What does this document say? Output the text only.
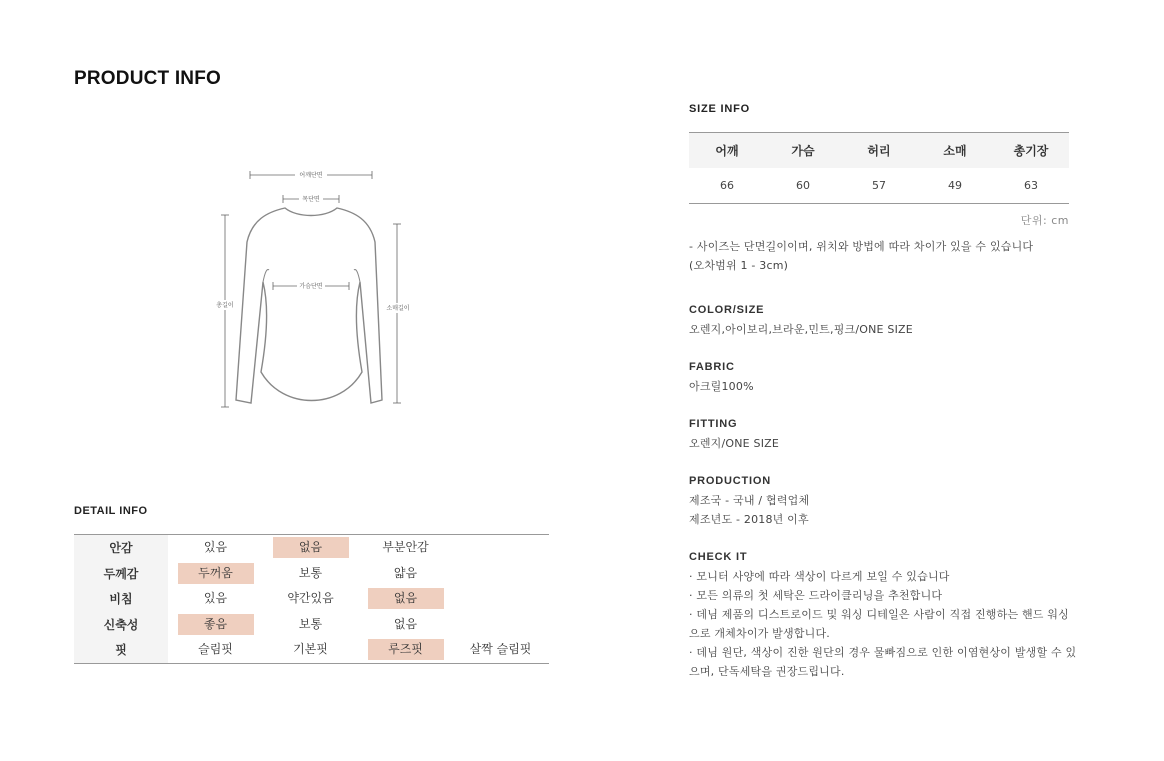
PRODUCT INFO
어깨단면
목단면
가슴단면
총길이	소매길이
DETAIL INFO
안감	있음	없음	부분안감
두께감	두꺼움	보통	얇음
비침	있음	약간있음	없음
신축성	좋음	보통	없음
핏	슬림핏	기본핏	루즈핏	살짝 슬림핏
SIZE INFO
어깨	가슴	허리	소매	총기장
66	60	57	49	63
단위: cm
- 사이즈는 단면길이이며, 위치와 방법에 따라 차이가 있을 수 있습니다
(오차범위 1 - 3cm)
COLOR/SIZE
오렌지,아이보리,브라운,민트,핑크/ONE SIZE
FABRIC
아크릴100%
FITTING
오렌지/ONE SIZE
PRODUCTION
제조국 - 국내 / 협력업체
제조년도 - 2018년 이후
CHECK IT
· 모니터 사양에 따라 색상이 다르게 보일 수 있습니다
· 모든 의류의 첫 세탁은 드라이클리닝을 추천합니다
· 데님 제품의 디스트로이드 및 워싱 디테일은 사람이 직접 진행하는 핸드 워싱으로 개체차이가 발생합니다.
· 데님 원단, 색상이 진한 원단의 경우 물빠짐으로 인한 이염현상이 발생할 수 있으며, 단독세탁을 권장드립니다.
